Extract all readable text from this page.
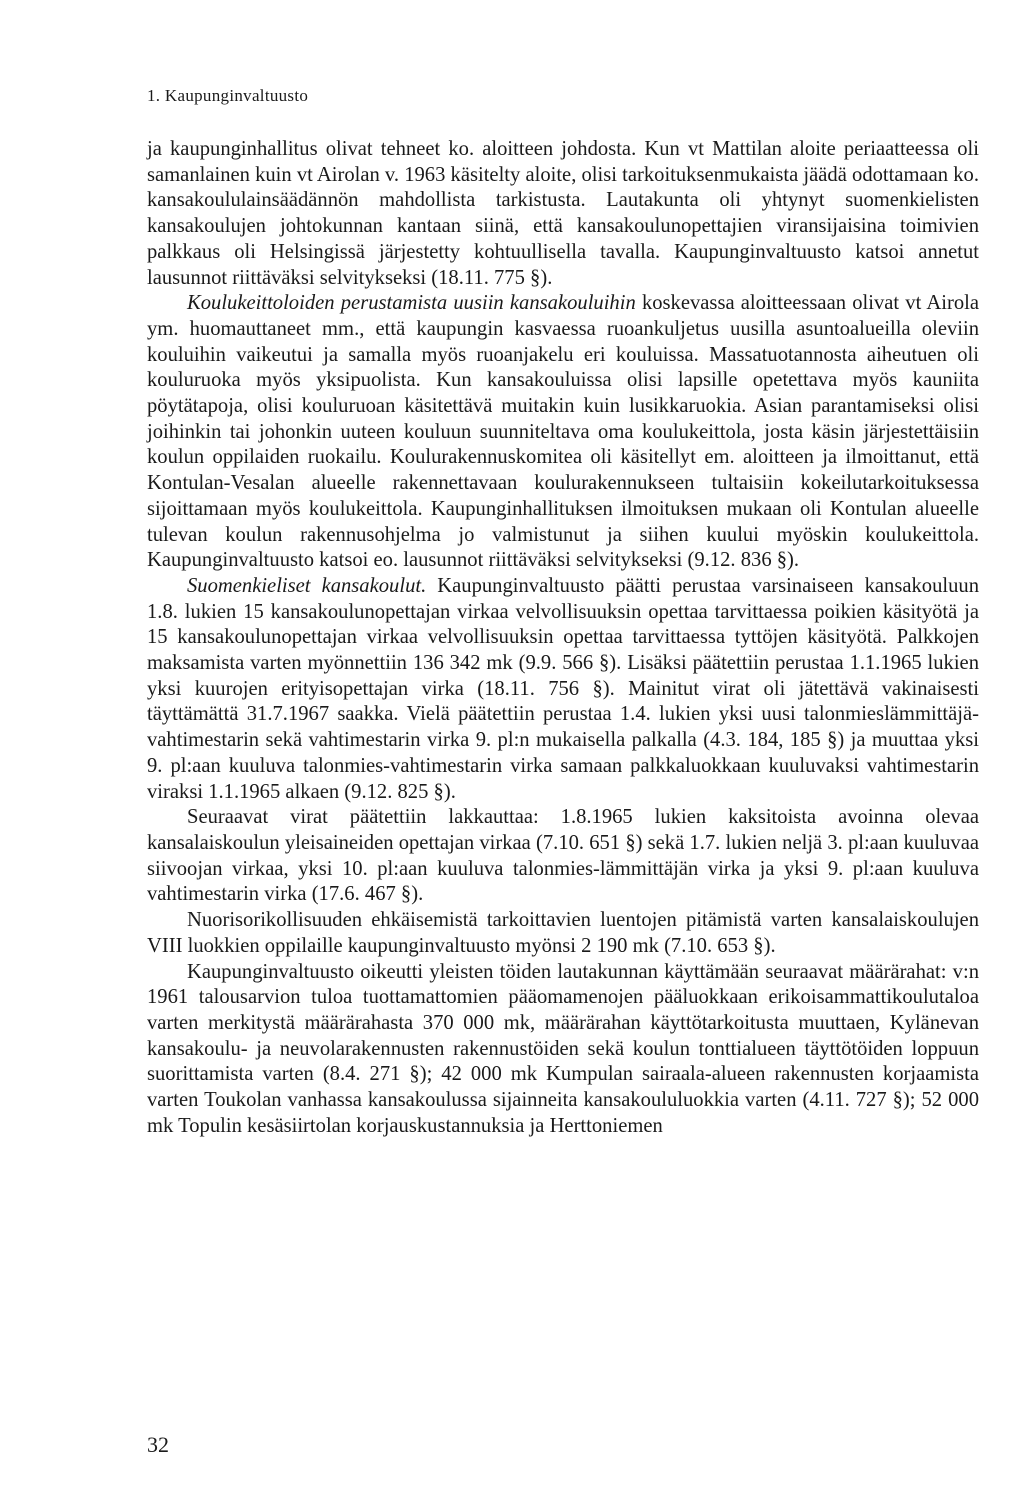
1. Kaupunginvaltuusto

ja kaupunginhallitus olivat tehneet ko. aloitteen johdosta. Kun vt Mattilan aloite periaatteessa oli samanlainen kuin vt Airolan v. 1963 käsitelty aloite, olisi tarkoituksenmukaista jäädä odottamaan ko. kansakoululainsäädännön mahdollista tarkistusta. Lautakunta oli yhtynyt suomenkielisten kansakoulujen johtokunnan kantaan siinä, että kansakoulunopettajien viransijaisina toimivien palkkaus oli Helsingissä järjestetty kohtuullisella tavalla. Kaupunginvaltuusto katsoi annetut lausunnot riittäväksi selvitykseksi (18.11. 775 §).

Koulukeittoloiden perustamista uusiin kansakouluihin koskevassa aloitteessaan olivat vt Airola ym. huomauttaneet mm., että kaupungin kasvaessa ruoankuljetus uusilla asuntoalueilla oleviin kouluihin vaikeutui ja samalla myös ruoanjakelu eri kouluissa. Massatuotannosta aiheutuen oli kouluruoka myös yksipuolista. Kun kansakouluissa olisi lapsille opetettava myös kauniita pöytätapoja, olisi kouluruoan käsitettävä muitakin kuin lusikkaruokia. Asian parantamiseksi olisi joihinkin tai johonkin uuteen kouluun suunniteltava oma koulukeittola, josta käsin järjestettäisiin koulun oppilaiden ruokailu. Koulurakennuskomitea oli käsitellyt em. aloitteen ja ilmoittanut, että Kontulan-Vesalan alueelle rakennettavaan koulurakennukseen tultaisiin kokeilutarkoituksessa sijoittamaan myös koulukeittola. Kaupunginhallituksen ilmoituksen mukaan oli Kontulan alueelle tulevan koulun rakennusohjelma jo valmistunut ja siihen kuului myöskin koulukeittola. Kaupunginvaltuusto katsoi eo. lausunnot riittäväksi selvitykseksi (9.12. 836 §).

Suomenkieliset kansakoulut. Kaupunginvaltuusto päätti perustaa varsinaiseen kansakouluun 1.8. lukien 15 kansakoulunopettajan virkaa velvollisuuksin opettaa tarvittaessa poikien käsityötä ja 15 kansakoulunopettajan virkaa velvollisuuksin opettaa tarvittaessa tyttöjen käsityötä. Palkkojen maksamista varten myönnettiin 136 342 mk (9.9. 566 §). Lisäksi päätettiin perustaa 1.1.1965 lukien yksi kuurojen erityisopettajan virka (18.11. 756 §). Mainitut virat oli jätettävä vakinaisesti täyttämättä 31.7.1967 saakka. Vielä päätettiin perustaa 1.4. lukien yksi uusi talonmieslämmittäjä-vahtimestarin sekä vahtimestarin virka 9. pl:n mukaisella palkalla (4.3. 184, 185 §) ja muuttaa yksi 9. pl:aan kuuluva talonmies-vahtimestarin virka samaan palkkaluokkaan kuuluvaksi vahtimestarin viraksi 1.1.1965 alkaen (9.12. 825 §).

Seuraavat virat päätettiin lakkauttaa: 1.8.1965 lukien kaksitoista avoinna olevaa kansalaiskoulun yleisaineiden opettajan virkaa (7.10. 651 §) sekä 1.7. lukien neljä 3. pl:aan kuuluvaa siivoojan virkaa, yksi 10. pl:aan kuuluva talonmies-lämmittäjän virka ja yksi 9. pl:aan kuuluva vahtimestarin virka (17.6. 467 §).

Nuorisorikollisuuden ehkäisemistä tarkoittavien luentojen pitämistä varten kansalaiskoulujen VIII luokkien oppilaille kaupunginvaltuusto myönsi 2 190 mk (7.10. 653 §).

Kaupunginvaltuusto oikeutti yleisten töiden lautakunnan käyttämään seuraavat määrärahat: v:n 1961 talousarvion tuloa tuottamattomien pääomamenojen pääluokkaan erikoisammattikoulutaloa varten merkitystä määrärahasta 370 000 mk, määrärahan käyttötarkoitusta muuttaen, Kylänevan kansakoulu- ja neuvolarakennusten rakennustöiden sekä koulun tonttialueen täyttötöiden loppuun suorittamista varten (8.4. 271 §); 42 000 mk Kumpulan sairaala-alueen rakennusten korjaamista varten Toukolan vanhassa kansakoulussa sijainneita kansakoululuokkia varten (4.11. 727 §); 52 000 mk Topulin kesäsiirtolan korjauskustannuksia ja Herttoniemen

32
